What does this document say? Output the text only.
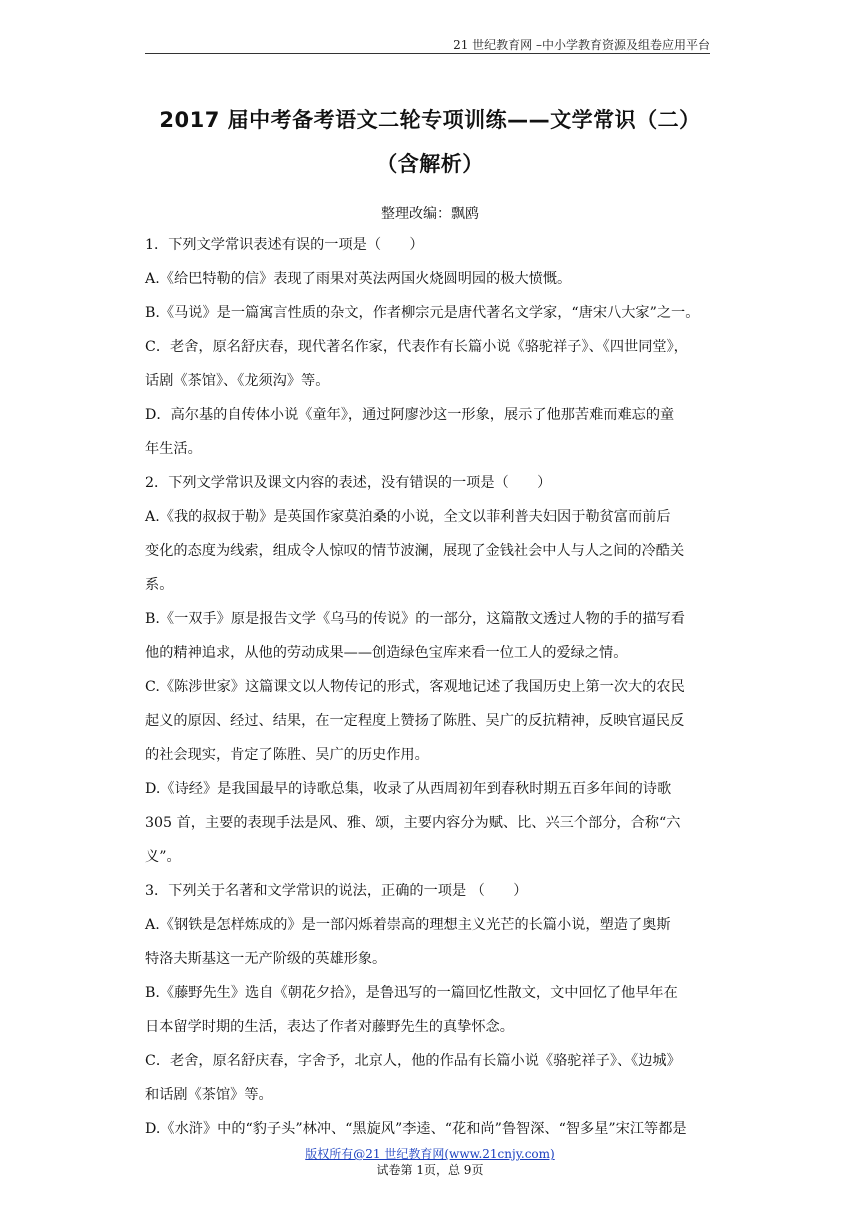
21 世纪教育网 –中小学教育资源及组卷应用平台
2017 届中考备考语文二轮专项训练——文学常识（二）
（含解析）
整理改编：飘鸥

1．下列文学常识表述有误的一项是（　　）

A.《给巴特勒的信》表现了雨果对英法两国火烧圆明园的极大愤慨。

B.《马说》是一篇寓言性质的杂文，作者柳宗元是唐代著名文学家，“唐宋八大家”之一。

C．老舍，原名舒庆春，现代著名作家，代表作有长篇小说《骆驼祥子》、《四世同堂》，

话剧《茶馆》、《龙须沟》等。

D．高尔基的自传体小说《童年》，通过阿廖沙这一形象，展示了他那苦难而难忘的童

年生活。

2．下列文学常识及课文内容的表述，没有错误的一项是（　　）

A.《我的叔叔于勒》是英国作家莫泊桑的小说，全文以菲利普夫妇因于勒贫富而前后

变化的态度为线索，组成令人惊叹的情节波澜，展现了金钱社会中人与人之间的冷酷关

系。

B.《一双手》原是报告文学《乌马的传说》的一部分，这篇散文透过人物的手的描写看

他的精神追求，从他的劳动成果——创造绿色宝库来看一位工人的爱绿之情。

C.《陈涉世家》这篇课文以人物传记的形式，客观地记述了我国历史上第一次大的农民

起义的原因、经过、结果，在一定程度上赞扬了陈胜、吴广的反抗精神，反映官逼民反

的社会现实，肯定了陈胜、吴广的历史作用。

D.《诗经》是我国最早的诗歌总集，收录了从西周初年到春秋时期五百多年间的诗歌

305 首，主要的表现手法是风、雅、颂，主要内容分为赋、比、兴三个部分，合称“六

义”。

3．下列关于名著和文学常识的说法，正确的一项是 （　　）

A.《钢铁是怎样炼成的》是一部闪烁着崇高的理想主义光芒的长篇小说，塑造了奥斯

特洛夫斯基这一无产阶级的英雄形象。

B.《藤野先生》选自《朝花夕拾》，是鲁迅写的一篇回忆性散文，文中回忆了他早年在

日本留学时期的生活，表达了作者对藤野先生的真挚怀念。

C．老舍，原名舒庆春，字舍予，北京人，他的作品有长篇小说《骆驼祥子》、《边城》

和话剧《茶馆》等。

D.《水浒》中的“豹子头”林冲、“黑旋风”李逵、“花和尚”鲁智深、“智多星”宋江等都是

版权所有@21 世纪教育网(www.21cnjy.com)
试卷第 1页，总 9页
